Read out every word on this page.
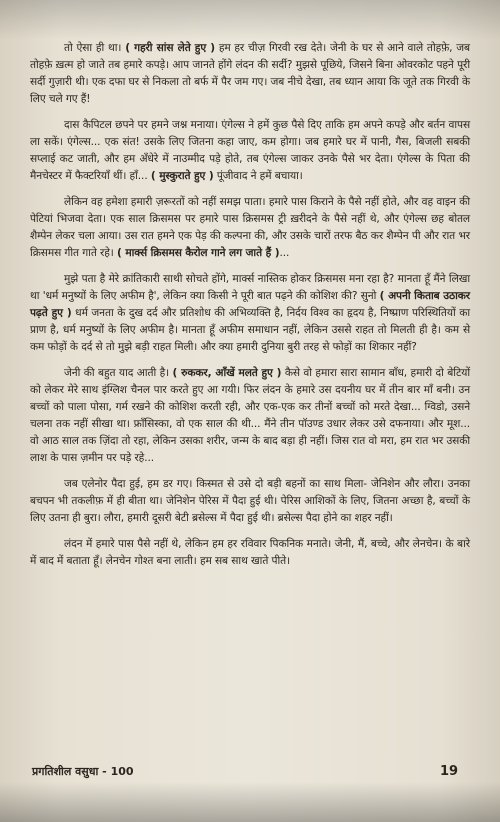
तो ऐसा ही था। ( गहरी सांस लेते हुए ) हम हर चीज़ गिरवी रख देते। जेनी के घर से आने वाले तोहफ़े, जब तोहफ़े ख़त्म हो जाते तब हमारे कपड़े। आप जानते होंगे लंदन की सर्दी? मुझसे पूछिये, जिसने बिना ओवरकोट पहने पूरी सर्दी गुज़ारी थी। एक दफा घर से निकला तो बर्फ में पैर जम गए। जब नीचे देखा, तब ध्यान आया कि जूते तक गिरवी के लिए चले गए हैं!

दास कैपिटल छपने पर हमने जश्न मनाया। एंगेल्स ने हमें कुछ पैसे दिए ताकि हम अपने कपड़े और बर्तन वापस ला सकें। एंगेल्स... एक संत! उसके लिए जितना कहा जाए, कम होगा। जब हमारे घर में पानी, गैस, बिजली सबकी सप्लाई कट जाती, और हम अँधेरे में नाउम्मीद पड़े होते, तब एंगेल्स जाकर उनके पैसे भर देता। एंगेल्स के पिता की मैनचेस्टर में फैक्टरियाँ थीं। हाँ... ( मुस्कुराते हुए ) पूंजीवाद ने हमें बचाया।

लेकिन वह हमेशा हमारी ज़रूरतों को नहीं समझ पाता। हमारे पास किराने के पैसे नहीं होते, और वह वाइन की पेटियां भिजवा देता। एक साल क्रिसमस पर हमारे पास क्रिसमस ट्री ख़रीदने के पैसे नहीं थे, और एंगेल्स छह बोतल शैम्पेन लेकर चला आया। उस रात हमने एक पेड़ की कल्पना की, और उसके चारों तरफ बैठ कर शैम्पेन पी और रात भर क्रिसमस गीत गाते रहे। ( मार्क्स क्रिसमस कैरोल गाने लग जाते हैं )...

मुझे पता है मेरे क्रांतिकारी साथी सोचते होंगे, मार्क्स नास्तिक होकर क्रिसमस मना रहा है? मानता हूँ मैंने लिखा था 'धर्म मनुष्यों के लिए अफीम है', लेकिन क्या किसी ने पूरी बात पढ़ने की कोशिश की? सुनो ( अपनी किताब उठाकर पढ़ते हुए ) धर्म जनता के दुख दर्द और प्रतिशोध की अभिव्यक्ति है, निर्दय विश्व का हृदय है, निष्प्राण परिस्थितियों का प्राण है, धर्म मनुष्यों के लिए अफीम है। मानता हूँ अफीम समाधान नहीं, लेकिन उससे राहत तो मिलती ही है। कम से कम फोड़ों के दर्द से तो मुझे बड़ी राहत मिली। और क्या हमारी दुनिया बुरी तरह से फोड़ों का शिकार नहीं?

जेनी की बहुत याद आती है। ( रुककर, आँखें मलते हुए ) कैसे वो हमारा सारा सामान बाँध, हमारी दो बेटियों को लेकर मेरे साथ इंग्लिश चैनल पार करते हुए आ गयी। फिर लंदन के हमारे उस दयनीय घर में तीन बार माँ बनी। उन बच्चों को पाला पोसा, गर्म रखने की कोशिश करती रही, और एक-एक कर तीनों बच्चों को मरते देखा... ग्विडो, उसने चलना तक नहीं सीखा था। फ्रॉंसिस्का, वो एक साल की थी... मैंने तीन पॉउण्ड उधार लेकर उसे दफनाया। और मूश... वो आठ साल तक ज़िंदा तो रहा, लेकिन उसका शरीर, जन्म के बाद बड़ा ही नहीं। जिस रात वो मरा, हम रात भर उसकी लाश के पास ज़मीन पर पड़े रहे...

जब एलेनोर पैदा हुई, हम डर गए। किस्मत से उसे दो बड़ी बहनों का साथ मिला- जेनिशेन और लौरा। उनका बचपन भी तकलीफ़ में ही बीता था। जेनिशेन पेरिस में पैदा हुई थी। पेरिस आशिकों के लिए, जितना अच्छा है, बच्चों के लिए उतना ही बुरा। लौरा, हमारी दूसरी बेटी ब्रसेल्स में पैदा हुई थी। ब्रसेल्स पैदा होने का शहर नहीं।

लंदन में हमारे पास पैसे नहीं थे, लेकिन हम हर रविवार पिकनिक मनाते। जेनी, मैं, बच्चे, और लेनचेन। के बारे में बाद में बताता हूँ। लेनचेन गोश्त बना लाती। हम सब साथ खाते पीते।

प्रगतिशील वसुधा - 100	19
